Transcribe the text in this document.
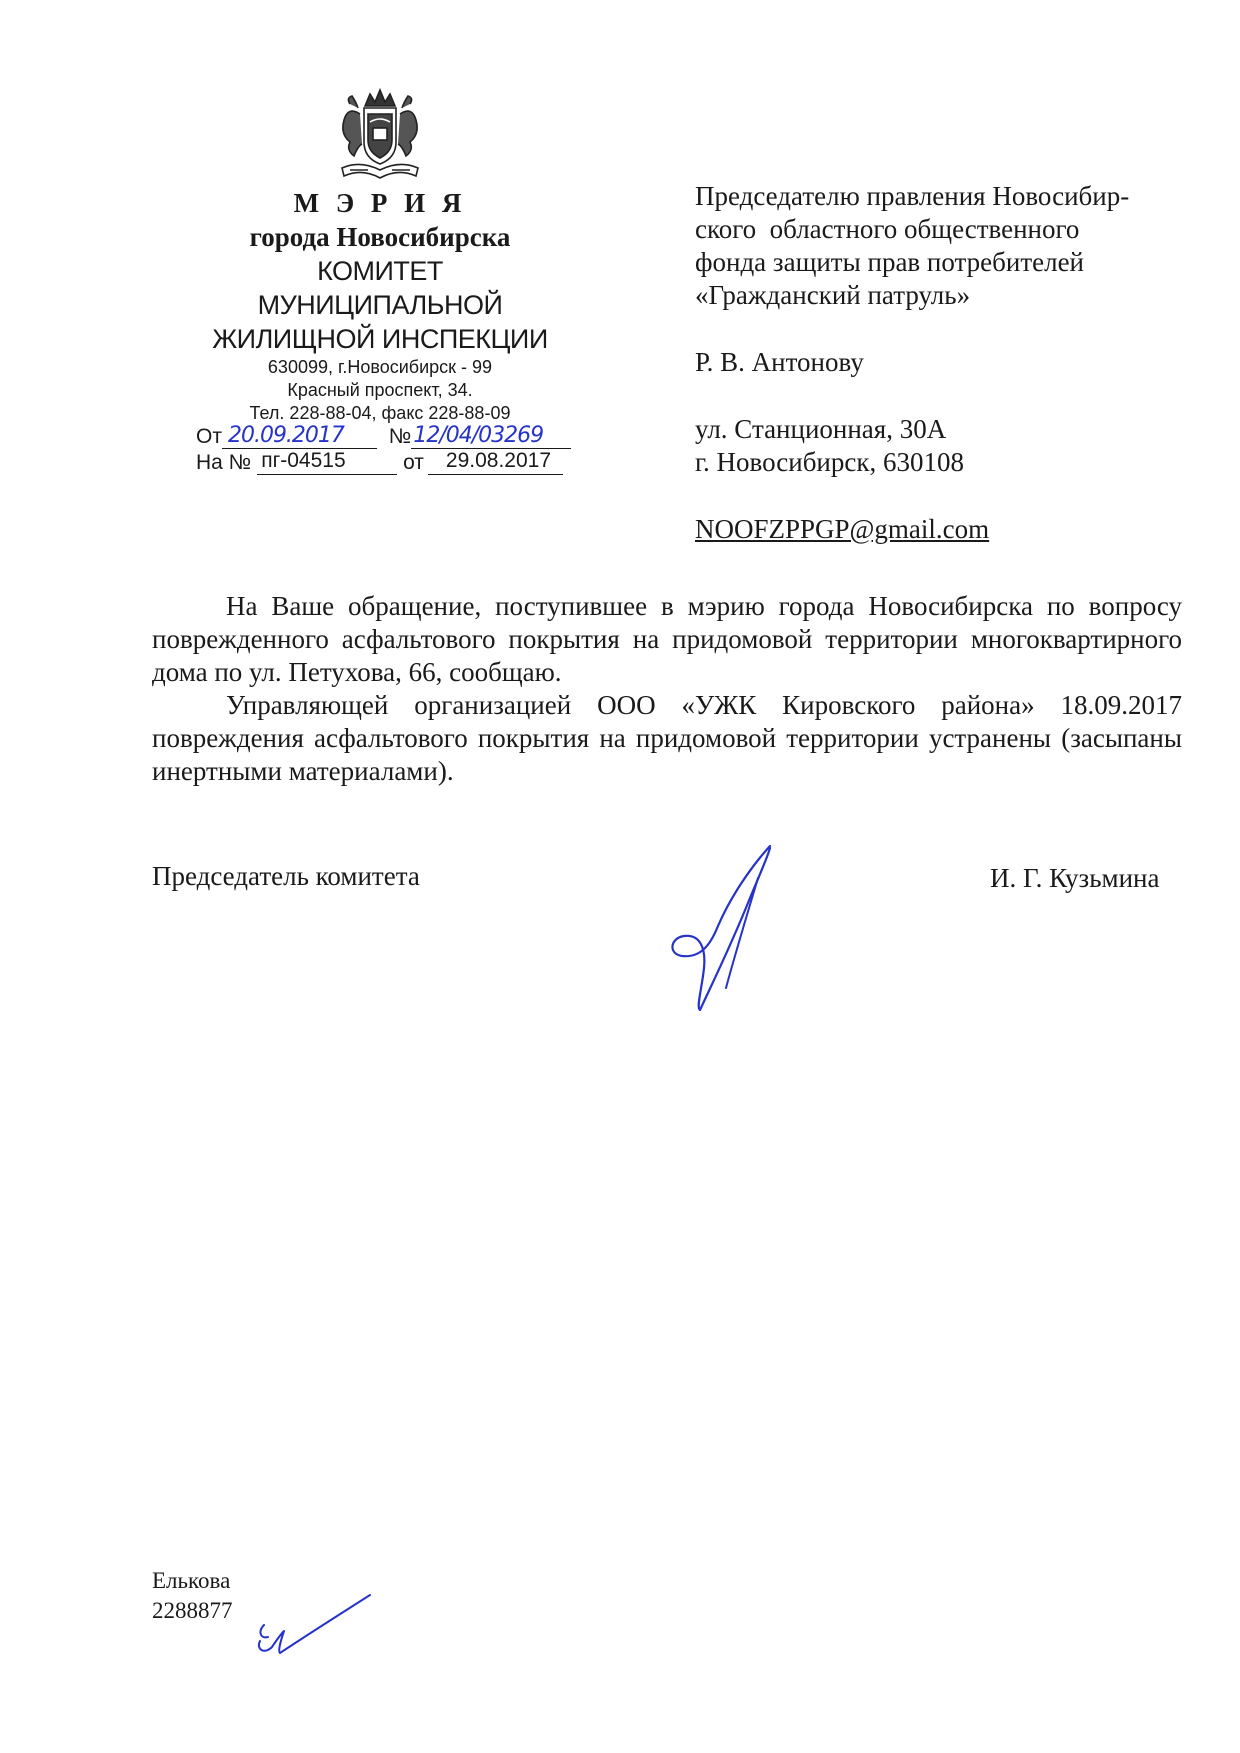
М Э Р И Я
города Новосибирска
КОМИТЕТ
МУНИЦИПАЛЬНОЙ
ЖИЛИЩНОЙ ИНСПЕКЦИИ
630099, г.Новосибирск - 99
Красный проспект, 34.
Тел. 228-88-04, факс 228-88-09
От 20.09.2017 № 12/04/03269
На № пг-04515	от 29.08.2017
Председателю правления Новосибир-
ского  областного общественного
фонда защиты прав потребителей
«Гражданский патруль»
Р. В. Антонову
ул. Станционная, 30А
г. Новосибирск, 630108
NOOFZPPGP@gmail.com

На Ваше обращение, поступившее в мэрию города Новосибирска по вопросу поврежденного асфальтового покрытия на придомовой территории многоквартирного дома по ул. Петухова, 66, сообщаю.

Управляющей организацией ООО «УЖК Кировского района» 18.09.2017 повреждения асфальтового покрытия на придомовой территории устранены (засыпаны инертными материалами).

Председатель комитета	И. Г. Кузьмина
Елькова
2288877
